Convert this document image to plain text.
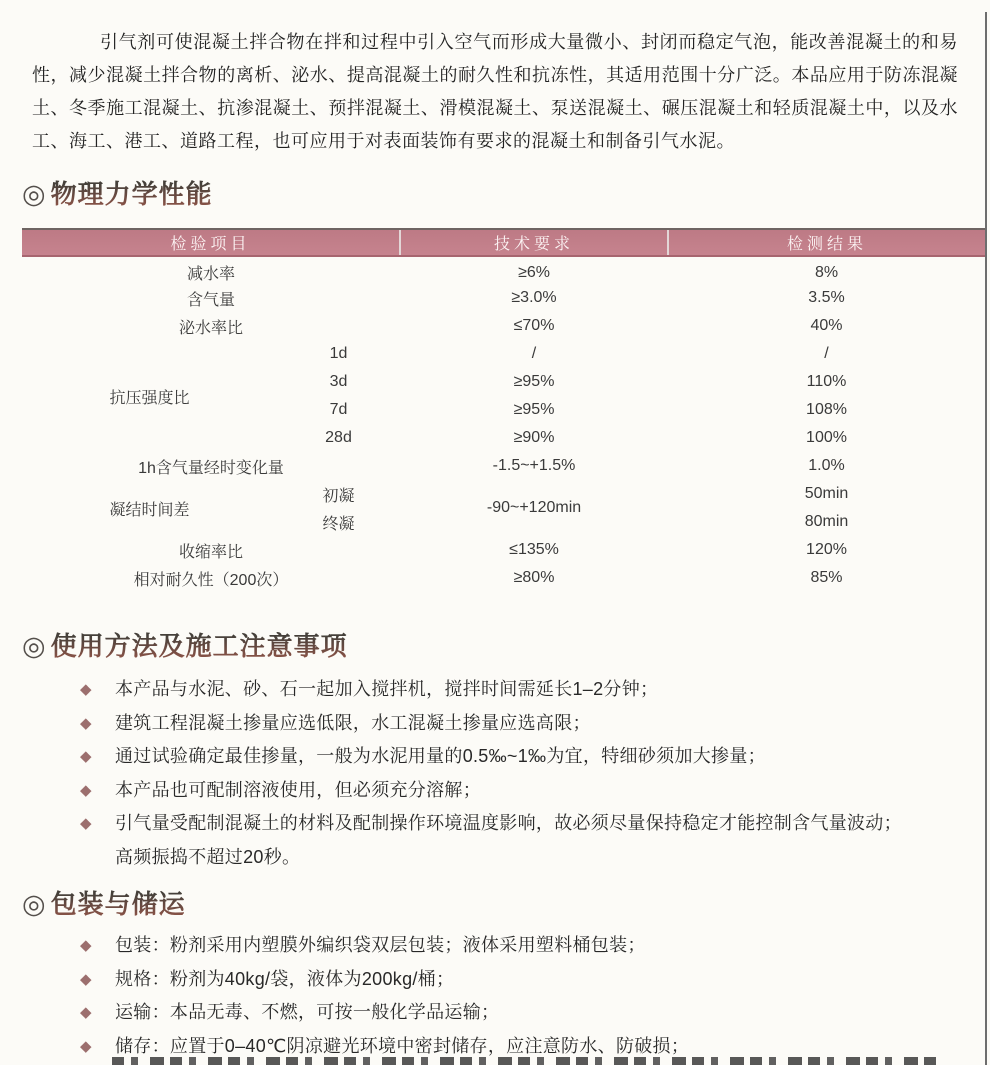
引气剂可使混凝土拌合物在拌和过程中引入空气而形成大量微小、封闭而稳定气泡，能改善混凝土的和易性，减少混凝土拌合物的离析、泌水、提高混凝土的耐久性和抗冻性，其适用范围十分广泛。本品应用于防冻混凝土、冬季施工混凝土、抗渗混凝土、预拌混凝土、滑模混凝土、泵送混凝土、碾压混凝土和轻质混凝土中，以及水工、海工、港工、道路工程，也可应用于对表面装饰有要求的混凝土和制备引气水泥。

◎ 物理力学性能
检验项目		技术要求	检测结果
减水率		≥6%	8%
含气量		≥3.0%	3.5%
泌水率比		≤70%	40%
抗压强度比	1d	/	/
	3d	≥95%	110%
	7d	≥95%	108%
	28d	≥90%	100%
1h含气量经时变化量		-1.5~+1.5%	1.0%
凝结时间差	初凝	-90~+120min	50min
	终凝		80min
收缩率比		≤135%	120%
相对耐久性（200次）		≥80%	85%
◎ 使用方法及施工注意事项
◆	本产品与水泥、砂、石一起加入搅拌机，搅拌时间需延长1–2分钟；
◆	建筑工程混凝土掺量应选低限，水工混凝土掺量应选高限；
◆	通过试验确定最佳掺量，一般为水泥用量的0.5‰~1‰为宜，特细砂须加大掺量；
◆	本产品也可配制溶液使用，但必须充分溶解；
◆	引气量受配制混凝土的材料及配制操作环境温度影响，故必须尽量保持稳定才能控制含气量波动；
高频振捣不超过20秒。
◎ 包装与储运
◆	包装：粉剂采用内塑膜外编织袋双层包装；液体采用塑料桶包装；
◆	规格：粉剂为40kg/袋，液体为200kg/桶；
◆	运输：本品无毒、不燃，可按一般化学品运输；
◆	储存：应置于0–40℃阴凉避光环境中密封储存，应注意防水、防破损；
